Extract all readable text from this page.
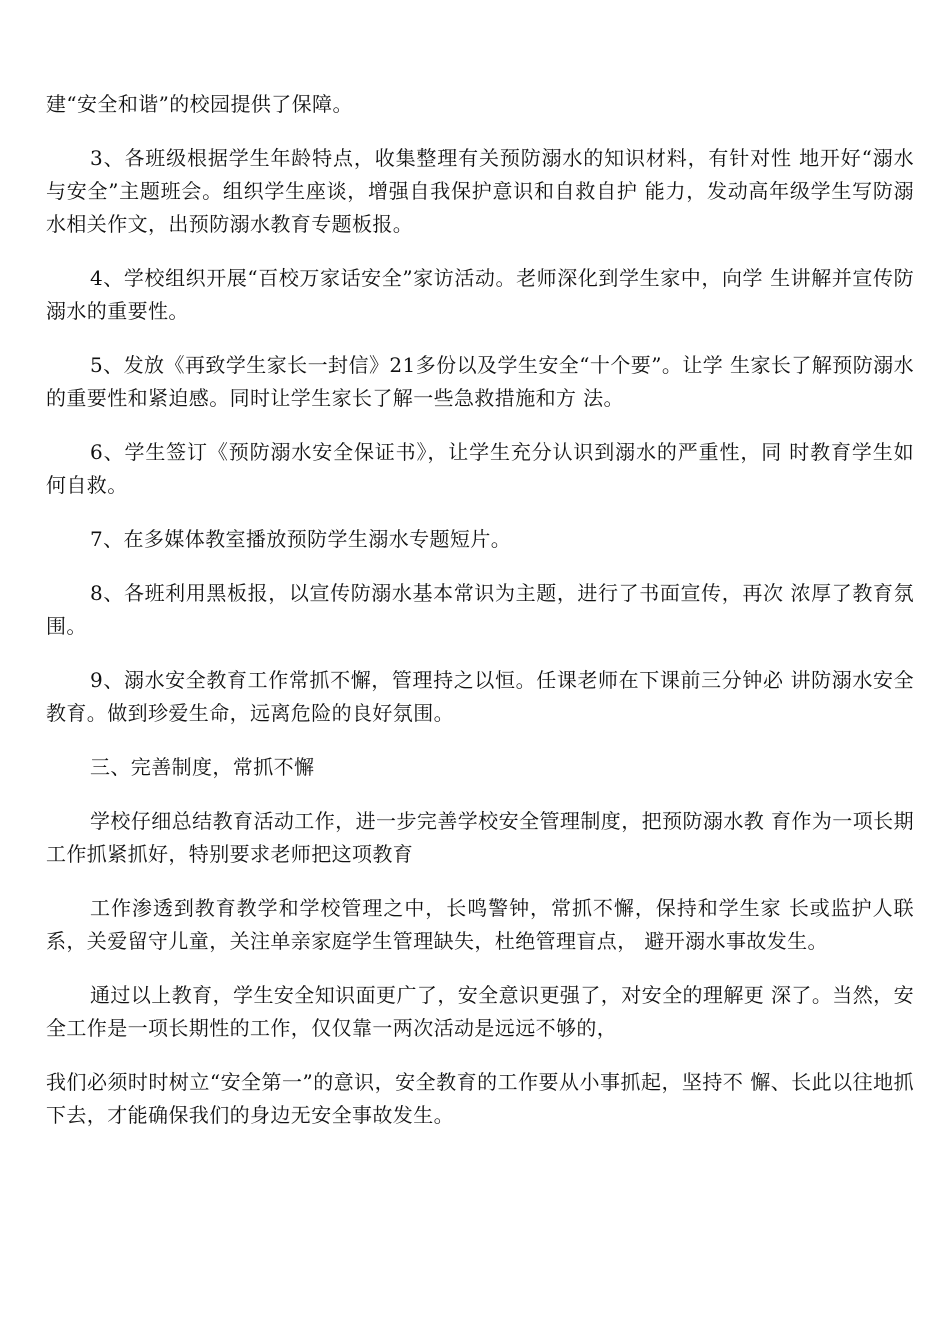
建“安全和谐”的校园提供了保障。

3、各班级根据学生年龄特点，收集整理有关预防溺水的知识材料，有针对性 地开好“溺水与安全”主题班会。组织学生座谈，增强自我保护意识和自救自护 能力，发动高年级学生写防溺水相关作文，出预防溺水教育专题板报。

4、学校组织开展“百校万家话安全”家访活动。老师深化到学生家中，向学 生讲解并宣传防溺水的重要性。

5、发放《再致学生家长一封信》21多份以及学生安全“十个要”。让学 生家长了解预防溺水的重要性和紧迫感。同时让学生家长了解一些急救措施和方 法。

6、学生签订《预防溺水安全保证书》，让学生充分认识到溺水的严重性，同 时教育学生如何自救。

7、在多媒体教室播放预防学生溺水专题短片。

8、各班利用黑板报，以宣传防溺水基本常识为主题，进行了书面宣传，再次 浓厚了教育氛围。

9、溺水安全教育工作常抓不懈，管理持之以恒。任课老师在下课前三分钟必 讲防溺水安全教育。做到珍爱生命，远离危险的良好氛围。

三、完善制度，常抓不懈

学校仔细总结教育活动工作，进一步完善学校安全管理制度，把预防溺水教 育作为一项长期工作抓紧抓好，特别要求老师把这项教育

工作渗透到教育教学和学校管理之中，长鸣警钟，常抓不懈，保持和学生家 长或监护人联系，关爱留守儿童，关注单亲家庭学生管理缺失，杜绝管理盲点， 避开溺水事故发生。

通过以上教育，学生安全知识面更广了，安全意识更强了，对安全的理解更 深了。当然，安全工作是一项长期性的工作，仅仅靠一两次活动是远远不够的，

我们必须时时树立“安全第一”的意识，安全教育的工作要从小事抓起，坚持不 懈、长此以往地抓下去，才能确保我们的身边无安全事故发生。
